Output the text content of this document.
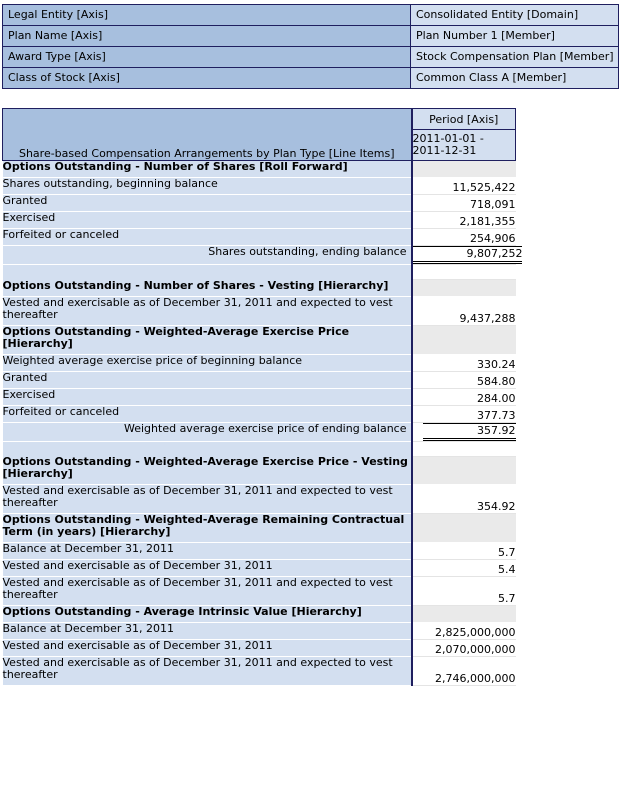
Legal Entity [Axis]	Consolidated Entity [Domain]
Plan Name [Axis]	Plan Number 1 [Member]
Award Type [Axis]	Stock Compensation Plan [Member]
Class of Stock [Axis]	Common Class A [Member]
Share-based Compensation Arrangements by Plan Type [Line Items]	Period [Axis]
	2011-01-01 -
2011-12-31
Options Outstanding - Number of Shares [Roll Forward]	
Shares outstanding, beginning balance	11,525,422
Granted	718,091
Exercised	2,181,355
Forfeited or canceled	254,906
Shares outstanding, ending balance	9,807,252

Options Outstanding - Number of Shares - Vesting [Hierarchy]	
Vested and exercisable as of December 31, 2011 and expected to vest thereafter	9,437,288
Options Outstanding - Weighted-Average Exercise Price [Hierarchy]	
Weighted average exercise price of beginning balance	330.24
Granted	584.80
Exercised	284.00
Forfeited or canceled	377.73
Weighted average exercise price of ending balance	357.92

Options Outstanding - Weighted-Average Exercise Price - Vesting [Hierarchy]	
Vested and exercisable as of December 31, 2011 and expected to vest thereafter	354.92
Options Outstanding - Weighted-Average Remaining Contractual Term (in years) [Hierarchy]	
Balance at December 31, 2011	5.7
Vested and exercisable as of December 31, 2011	5.4
Vested and exercisable as of December 31, 2011 and expected to vest thereafter	5.7
Options Outstanding - Average Intrinsic Value [Hierarchy]	
Balance at December 31, 2011	2,825,000,000
Vested and exercisable as of December 31, 2011	2,070,000,000
Vested and exercisable as of December 31, 2011 and expected to vest thereafter	2,746,000,000
